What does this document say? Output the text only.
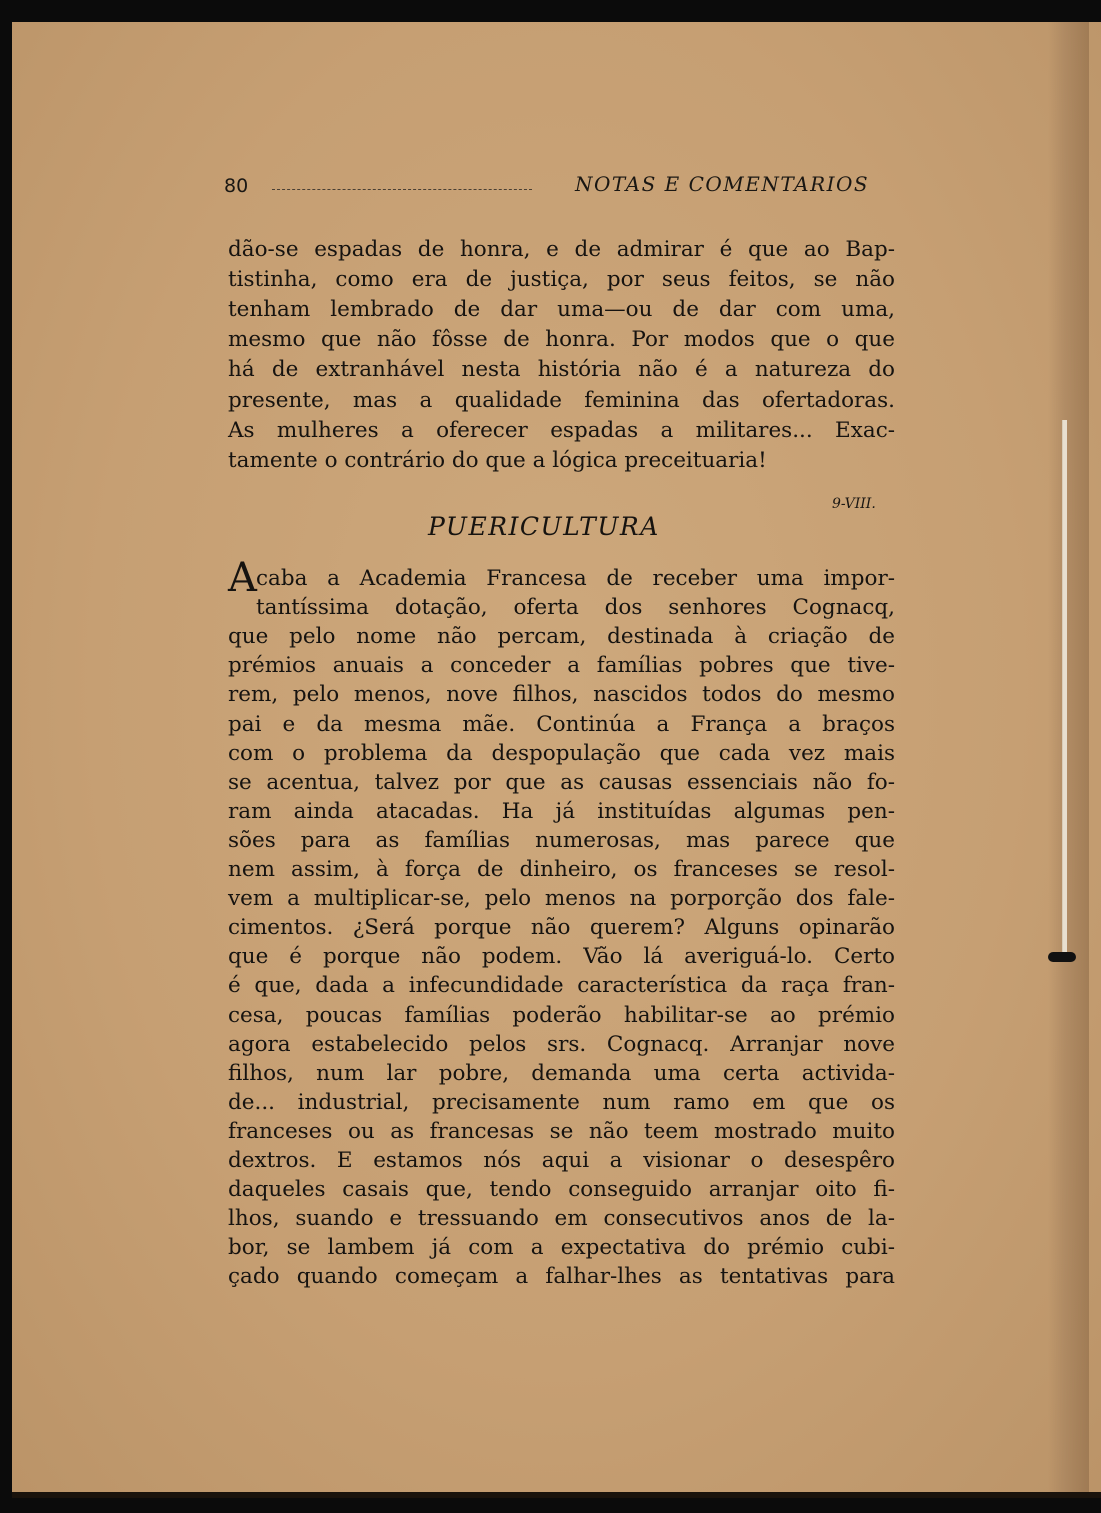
80	NOTAS E COMENTARIOS
dão-se espadas de honra, e de admirar é que ao Bap-
tistinha, como era de justiça, por seus feitos, se não
tenham lembrado de dar uma—ou de dar com uma,
mesmo que não fôsse de honra. Por modos que o que
há de extranhável nesta história não é a natureza do
presente, mas a qualidade feminina das ofertadoras.
As mulheres a oferecer espadas a militares... Exac-
tamente o contrário do que a lógica preceituaria!
9-VIII.
PUERICULTURA
A caba a Academia Francesa de receber uma impor-
tantíssima dotação, oferta dos senhores Cognacq,
que pelo nome não percam, destinada à criação de
prémios anuais a conceder a famílias pobres que tive-
rem, pelo menos, nove filhos, nascidos todos do mesmo
pai e da mesma mãe. Continúa a França a braços
com o problema da despopulação que cada vez mais
se acentua, talvez por que as causas essenciais não fo-
ram ainda atacadas. Ha já instituídas algumas pen-
sões para as famílias numerosas, mas parece que
nem assim, à força de dinheiro, os franceses se resol-
vem a multiplicar-se, pelo menos na porporção dos fale-
cimentos. ¿Será porque não querem? Alguns opinarão
que é porque não podem. Vão lá averiguá-lo. Certo
é que, dada a infecundidade característica da raça fran-
cesa, poucas famílias poderão habilitar-se ao prémio
agora estabelecido pelos srs. Cognacq. Arranjar nove
filhos, num lar pobre, demanda uma certa activida-
de... industrial, precisamente num ramo em que os
franceses ou as francesas se não teem mostrado muito
dextros. E estamos nós aqui a visionar o desespêro
daqueles casais que, tendo conseguido arranjar oito fi-
lhos, suando e tressuando em consecutivos anos de la-
bor, se lambem já com a expectativa do prémio cubi-
çado quando começam a falhar-lhes as tentativas para
